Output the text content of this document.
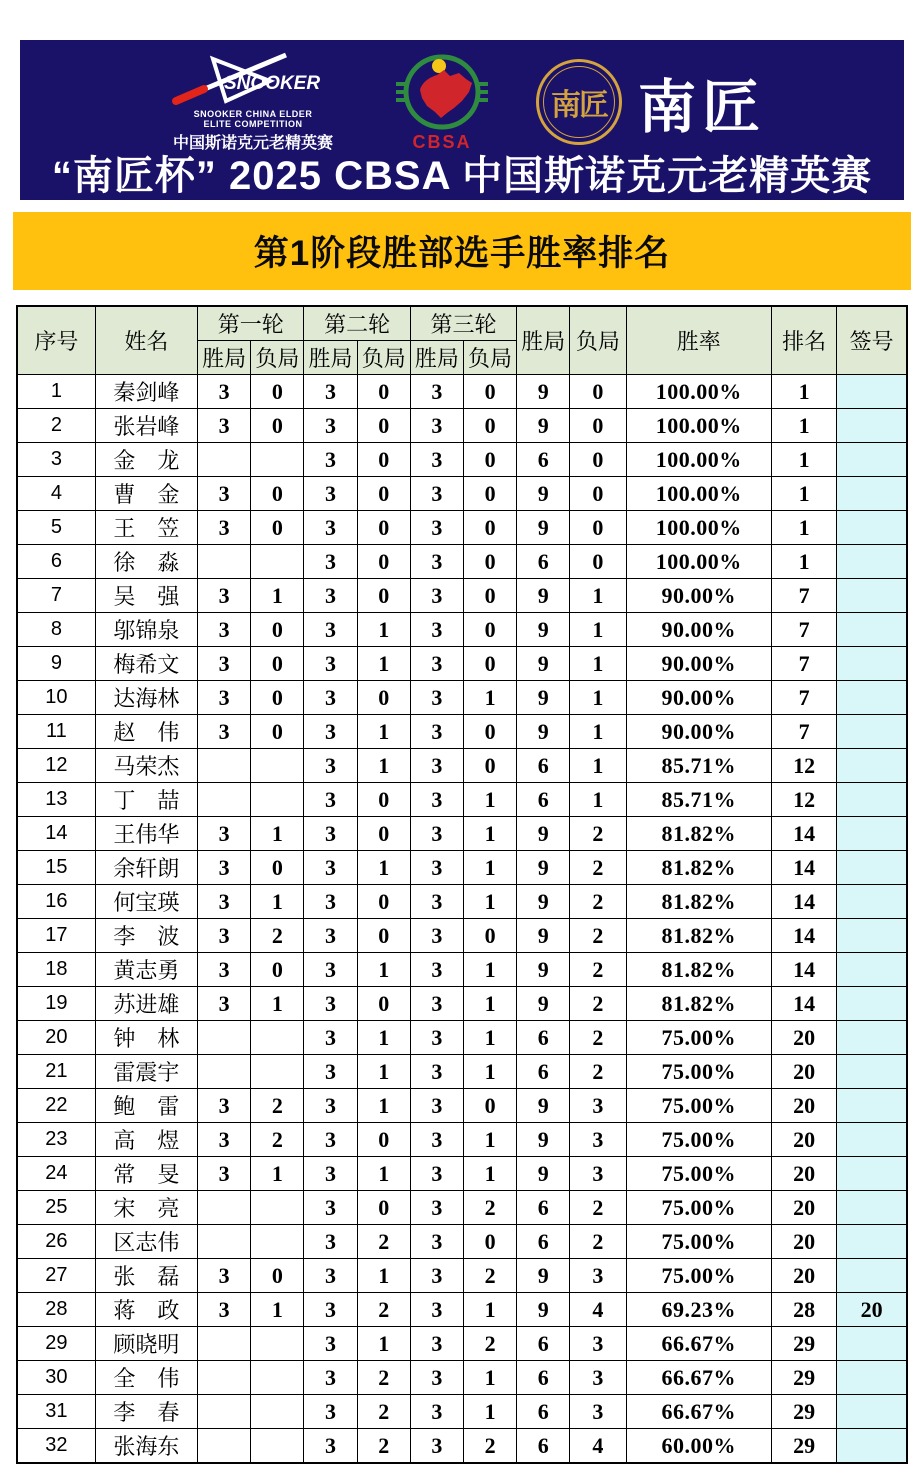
SNOOKER
SNOOKER CHINA ELDER
ELITE COMPETITION
中国斯诺克元老精英赛	CBSA
南匠 南匠
“南匠杯” 2025 CBSA 中国斯诺克元老精英赛
第1阶段胜部选手胜率排名
序号	姓名	第一轮		第二轮		第三轮		胜局	负局	胜率	排名	签号
		胜局	负局	胜局	负局	胜局	负局					
1	秦剑峰	3	0	3	0	3	0	9	0	100.00%	1	
2	张岩峰	3	0	3	0	3	0	9	0	100.00%	1	
3	金　龙			3	0	3	0	6	0	100.00%	1	
4	曹　金	3	0	3	0	3	0	9	0	100.00%	1	
5	王　笠	3	0	3	0	3	0	9	0	100.00%	1	
6	徐　淼			3	0	3	0	6	0	100.00%	1	
7	吴　强	3	1	3	0	3	0	9	1	90.00%	7	
8	邬锦泉	3	0	3	1	3	0	9	1	90.00%	7	
9	梅希文	3	0	3	1	3	0	9	1	90.00%	7	
10	达海林	3	0	3	0	3	1	9	1	90.00%	7	
11	赵　伟	3	0	3	1	3	0	9	1	90.00%	7	
12	马荣杰			3	1	3	0	6	1	85.71%	12	
13	丁　喆			3	0	3	1	6	1	85.71%	12	
14	王伟华	3	1	3	0	3	1	9	2	81.82%	14	
15	余轩朗	3	0	3	1	3	1	9	2	81.82%	14	
16	何宝瑛	3	1	3	0	3	1	9	2	81.82%	14	
17	李　波	3	2	3	0	3	0	9	2	81.82%	14	
18	黄志勇	3	0	3	1	3	1	9	2	81.82%	14	
19	苏进雄	3	1	3	0	3	1	9	2	81.82%	14	
20	钟　林			3	1	3	1	6	2	75.00%	20	
21	雷震宇			3	1	3	1	6	2	75.00%	20	
22	鲍　雷	3	2	3	1	3	0	9	3	75.00%	20	
23	高　煜	3	2	3	0	3	1	9	3	75.00%	20	
24	常　旻	3	1	3	1	3	1	9	3	75.00%	20	
25	宋　亮			3	0	3	2	6	2	75.00%	20	
26	区志伟			3	2	3	0	6	2	75.00%	20	
27	张　磊	3	0	3	1	3	2	9	3	75.00%	20	
28	蒋　政	3	1	3	2	3	1	9	4	69.23%	28	20
29	顾晓明			3	1	3	2	6	3	66.67%	29	
30	全　伟			3	2	3	1	6	3	66.67%	29	
31	李　春			3	2	3	1	6	3	66.67%	29	
32	张海东			3	2	3	2	6	4	60.00%	29	
